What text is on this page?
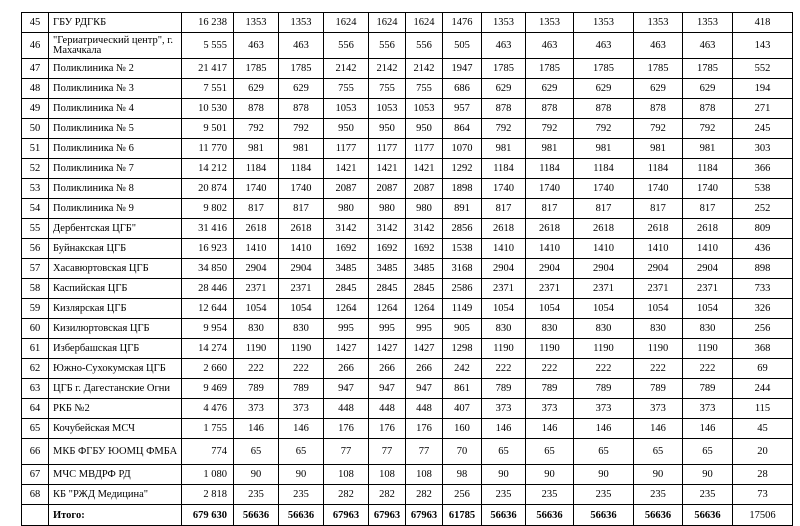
45	ГБУ РДГКБ	16 238	1353	1353	1624	1624	1624	1476	1353	1353	1353	1353	1353	418
46	"Гериатрический центр", г. Махачкала	5 555	463	463	556	556	556	505	463	463	463	463	463	143
47	Поликлиника № 2	21 417	1785	1785	2142	2142	2142	1947	1785	1785	1785	1785	1785	552
48	Поликлиника № 3	7 551	629	629	755	755	755	686	629	629	629	629	629	194
49	Поликлиника № 4	10 530	878	878	1053	1053	1053	957	878	878	878	878	878	271
50	Поликлиника № 5	9 501	792	792	950	950	950	864	792	792	792	792	792	245
51	Поликлиника № 6	11 770	981	981	1177	1177	1177	1070	981	981	981	981	981	303
52	Поликлиника № 7	14 212	1184	1184	1421	1421	1421	1292	1184	1184	1184	1184	1184	366
53	Поликлиника № 8	20 874	1740	1740	2087	2087	2087	1898	1740	1740	1740	1740	1740	538
54	Поликлиника № 9	9 802	817	817	980	980	980	891	817	817	817	817	817	252
55	Дербентская ЦГБ"	31 416	2618	2618	3142	3142	3142	2856	2618	2618	2618	2618	2618	809
56	Буйнакская ЦГБ	16 923	1410	1410	1692	1692	1692	1538	1410	1410	1410	1410	1410	436
57	Хасавюртовская ЦГБ	34 850	2904	2904	3485	3485	3485	3168	2904	2904	2904	2904	2904	898
58	Каспийская ЦГБ	28 446	2371	2371	2845	2845	2845	2586	2371	2371	2371	2371	2371	733
59	Кизлярская ЦГБ	12 644	1054	1054	1264	1264	1264	1149	1054	1054	1054	1054	1054	326
60	Кизилюртовская ЦГБ	9 954	830	830	995	995	995	905	830	830	830	830	830	256
61	Избербашская ЦГБ	14 274	1190	1190	1427	1427	1427	1298	1190	1190	1190	1190	1190	368
62	Южно-Сухокумская ЦГБ	2 660	222	222	266	266	266	242	222	222	222	222	222	69
63	ЦГБ г. Дагестанские Огни	9 469	789	789	947	947	947	861	789	789	789	789	789	244
64	РКБ №2	4 476	373	373	448	448	448	407	373	373	373	373	373	115
65	Кочубейская МСЧ	1 755	146	146	176	176	176	160	146	146	146	146	146	45
66	МКБ ФГБУ ЮОМЦ ФМБА	774	65	65	77	77	77	70	65	65	65	65	65	20
67	МЧС МВДРФ РД	1 080	90	90	108	108	108	98	90	90	90	90	90	28
68	КБ "РЖД Медицина"	2 818	235	235	282	282	282	256	235	235	235	235	235	73
	Итого:	679 630	56636	56636	67963	67963	67963	61785	56636	56636	56636	56636	56636	17506
